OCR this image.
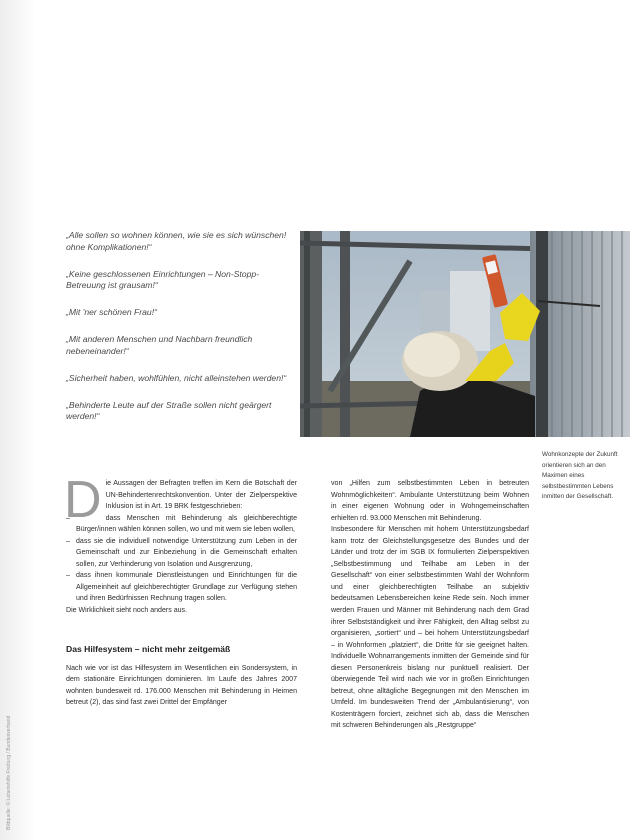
Bildquelle: © Lebenshilfe Freiburg / Bundesverband

„Alle sollen so wohnen können, wie sie es sich wünschen! ohne Komplikationen!“

„Keine geschlossenen Einrichtungen – Non-Stopp-Betreuung ist grausam!“

„Mit 'ner schönen Frau!“

„Mit anderen Menschen und Nachbarn freundlich nebeneinander!“

„Sicherheit haben, wohlfühlen, nicht alleinstehen werden!“

„Behinderte Leute auf der Straße sollen nicht geärgert werden!“

Wohnkonzepte der Zukunft orientieren sich an den Maximen eines selbstbestimmten Lebens inmitten der Gesellschaft.
D ie Aussagen der Befragten treffen im Kern die Botschaft der UN-Behindertenrechtskonvention. Unter der Zielperspektive Inklusion ist in Art. 19 BRK festgeschrieben:

– dass Menschen mit Behinderung als gleichberechtigte Bürger/innen wählen können sollen, wo und mit wem sie leben wollen,
– dass sie die individuell notwendige Unterstützung zum Leben in der Gemeinschaft und zur Einbeziehung in die Gemeinschaft erhalten sollen, zur Verhinderung von Isolation und Ausgrenzung,
– dass ihnen kommunale Dienstleistungen und Einrichtungen für die Allgemeinheit auf gleichberechtigter Grundlage zur Verfügung stehen und ihren Bedürfnissen Rechnung tragen sollen.

Die Wirklichkeit sieht noch anders aus.

Das Hilfesystem – nicht mehr zeitgemäß

Nach wie vor ist das Hilfesystem im Wesentlichen ein Sondersystem, in dem stationäre Einrichtungen dominieren. Im Laufe des Jahres 2007 wohnten bundesweit rd. 176.000 Menschen mit Behinderung in Heimen betreut (2), das sind fast zwei Drittel der Empfänger

von „Hilfen zum selbstbestimmten Leben in betreuten Wohnmöglichkeiten“. Ambulante Unterstützung beim Wohnen in einer eigenen Wohnung oder in Wohngemeinschaften erhielten rd. 93.000 Menschen mit Behinderung.

Insbesondere für Menschen mit hohem Unterstützungsbedarf kann trotz der Gleichstellungsgesetze des Bundes und der Länder und trotz der im SGB IX formulierten Zielperspektiven „Selbstbestimmung und Teilhabe am Leben in der Gesellschaft“ von einer selbstbestimmten Wahl der Wohnform und einer gleichberechtigten Teilhabe an subjektiv bedeutsamen Lebensbereichen keine Rede sein. Noch immer werden Frauen und Männer mit Behinderung nach dem Grad ihrer Selbstständigkeit und ihrer Fähigkeit, den Alltag selbst zu organisieren, „sortiert“ und – bei hohem Unterstützungsbedarf – in Wohnformen „platziert“, die Dritte für sie geeignet halten. Individuelle Wohnarrangements inmitten der Gemeinde sind für diesen Personenkreis bislang nur punktuell realisiert. Der überwiegende Teil wird nach wie vor in großen Einrichtungen betreut, ohne alltägliche Begegnungen mit den Menschen im Umfeld. Im bundesweiten Trend der „Ambulantisierung“, von Kostenträgern forciert, zeichnet sich ab, dass die Menschen mit schweren Behinderungen als „Restgruppe“
